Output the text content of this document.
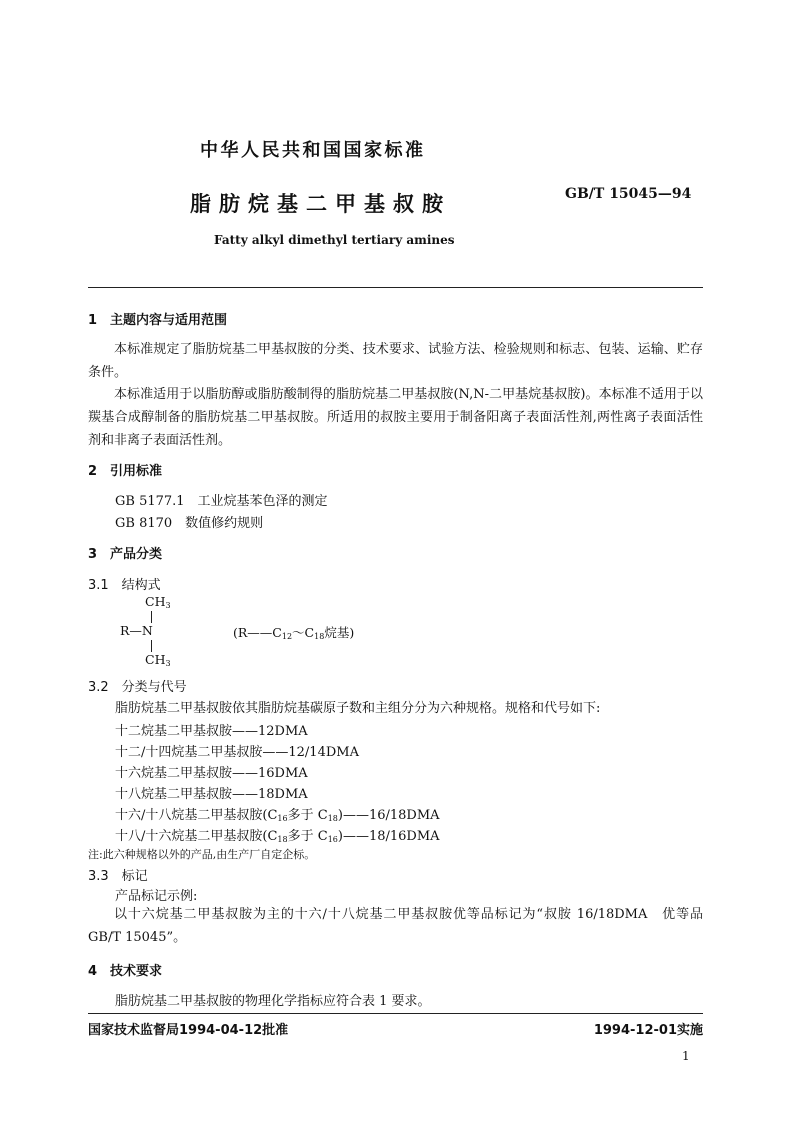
中华人民共和国国家标准
脂肪烷基二甲基叔胺	GB/T 15045—94
Fatty alkyl dimethyl tertiary amines
1　主题内容与适用范围
本标准规定了脂肪烷基二甲基叔胺的分类、技术要求、试验方法、检验规则和标志、包装、运输、贮存条件。
本标准适用于以脂肪醇或脂肪酸制得的脂肪烷基二甲基叔胺(N,N-二甲基烷基叔胺)。本标准不适用于以羰基合成醇制备的脂肪烷基二甲基叔胺。所适用的叔胺主要用于制备阳离子表面活性剂,两性离子表面活性剂和非离子表面活性剂。
2　引用标准
GB 5177.1　工业烷基苯色泽的测定
GB 8170　数值修约规则
3　产品分类
3.1　结构式
$CH_3$
R—N
$CH_3$
($R——C_{12}\sim C_{18}$烷基)
3.2　分类与代号
脂肪烷基二甲基叔胺依其脂肪烷基碳原子数和主组分分为六种规格。规格和代号如下:
十二烷基二甲基叔胺——12DMA
十二/十四烷基二甲基叔胺——12/14DMA
十六烷基二甲基叔胺——16DMA
十八烷基二甲基叔胺——18DMA
十六/十八烷基二甲基叔胺($C_{16}$多于 $C_{18})——16/18DMA$
十八/十六烷基二甲基叔胺($C_{18}$多于 $C_{16})——18/16DMA$
注:此六种规格以外的产品,由生产厂自定企标。
3.3　标记
产品标记示例:
以十六烷基二甲基叔胺为主的十六/十八烷基二甲基叔胺优等品标记为“叔胺 16/18DMA　优等品　GB/T 15045”。
4　技术要求
脂肪烷基二甲基叔胺的物理化学指标应符合表 1 要求。
国家技术监督局1994-04-12批准	1994-12-01实施
1
